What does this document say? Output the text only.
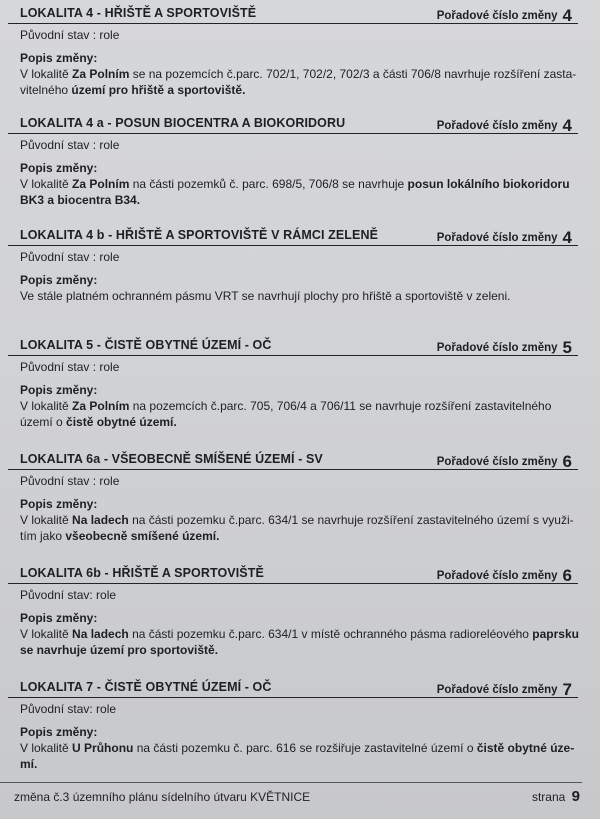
LOKALITA 4 - HŘIŠTĚ A SPORTOVIŠTĚ	Pořadové číslo změny 4
Původní stav : role
Popis změny:
V lokalitě Za Polním se na pozemcích č.parc. 702/1, 702/2, 702/3 a části 706/8 navrhuje rozšíření zasta-
vitelného území pro hřiště a sportoviště.
LOKALITA 4 a - POSUN BIOCENTRA A BIOKORIDORU	Pořadové číslo změny 4
Původní stav : role
Popis změny:
V lokalitě Za Polním na části pozemků č. parc. 698/5, 706/8 se navrhuje posun lokálního biokoridoru
BK3 a biocentra B34.
LOKALITA 4 b - HŘIŠTĚ A SPORTOVIŠTĚ V RÁMCI ZELENĚ	Pořadové číslo změny 4
Původní stav : role
Popis změny:
Ve stále platném ochranném pásmu VRT se navrhují plochy pro hřiště a sportoviště v zeleni.
LOKALITA 5 - ČISTĚ OBYTNÉ ÚZEMÍ - OČ	Pořadové číslo změny 5
Původní stav : role
Popis změny:
V lokalitě Za Polním na pozemcích č.parc. 705, 706/4 a 706/11 se navrhuje rozšíření zastavitelného
území o čistě obytné území.
LOKALITA 6a - VŠEOBECNĚ SMÍŠENÉ ÚZEMÍ - SV	Pořadové číslo změny 6
Původní stav : role
Popis změny:
V lokalitě Na ladech na části pozemku č.parc. 634/1 se navrhuje rozšíření zastavitelného území s využi-
tím jako všeobecně smíšené území.
LOKALITA 6b - HŘIŠTĚ A SPORTOVIŠTĚ	Pořadové číslo změny 6
Původní stav: role
Popis změny:
V lokalitě Na ladech na části pozemku č.parc. 634/1 v místě ochranného pásma radioreléového paprsku
se navrhuje území pro sportoviště.
LOKALITA 7 - ČISTĚ OBYTNÉ ÚZEMÍ - OČ	Pořadové číslo změny 7
Původní stav: role
Popis změny:
V lokalitě U Průhonu na části pozemku č. parc. 616 se rozšiřuje zastavitelné území o čistě obytné úze-
mí.
změna č.3 územního plánu sídelního útvaru KVĚTNICE	strana 9
